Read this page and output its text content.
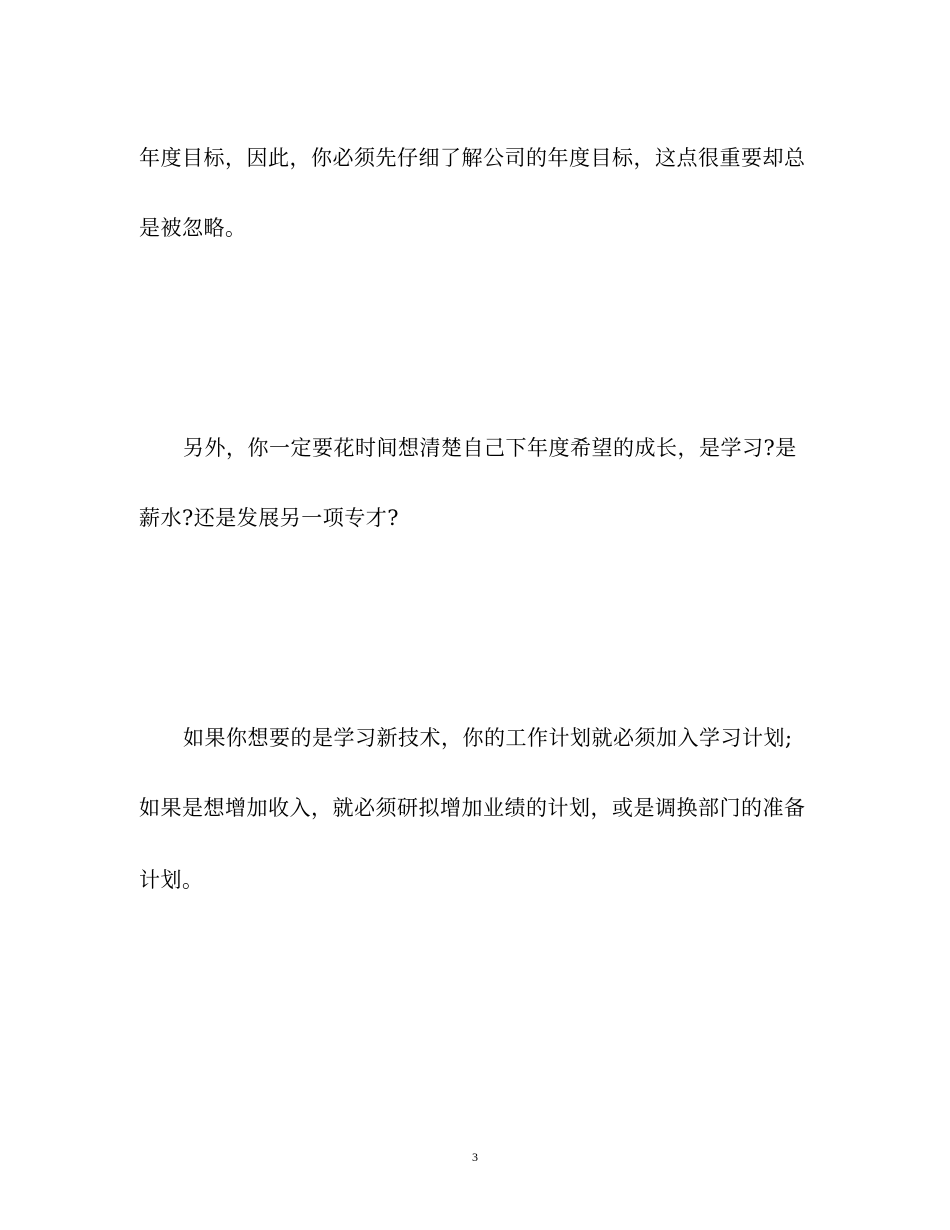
年度目标，因此，你必须先仔细了解公司的年度目标，这点很重要却总
是被忽略。
另外，你一定要花时间想清楚自己下年度希望的成长，是学习?是
薪水?还是发展另一项专才?
如果你想要的是学习新技术，你的工作计划就必须加入学习计划;
如果是想增加收入，就必须研拟增加业绩的计划，或是调换部门的准备
计划。
3
